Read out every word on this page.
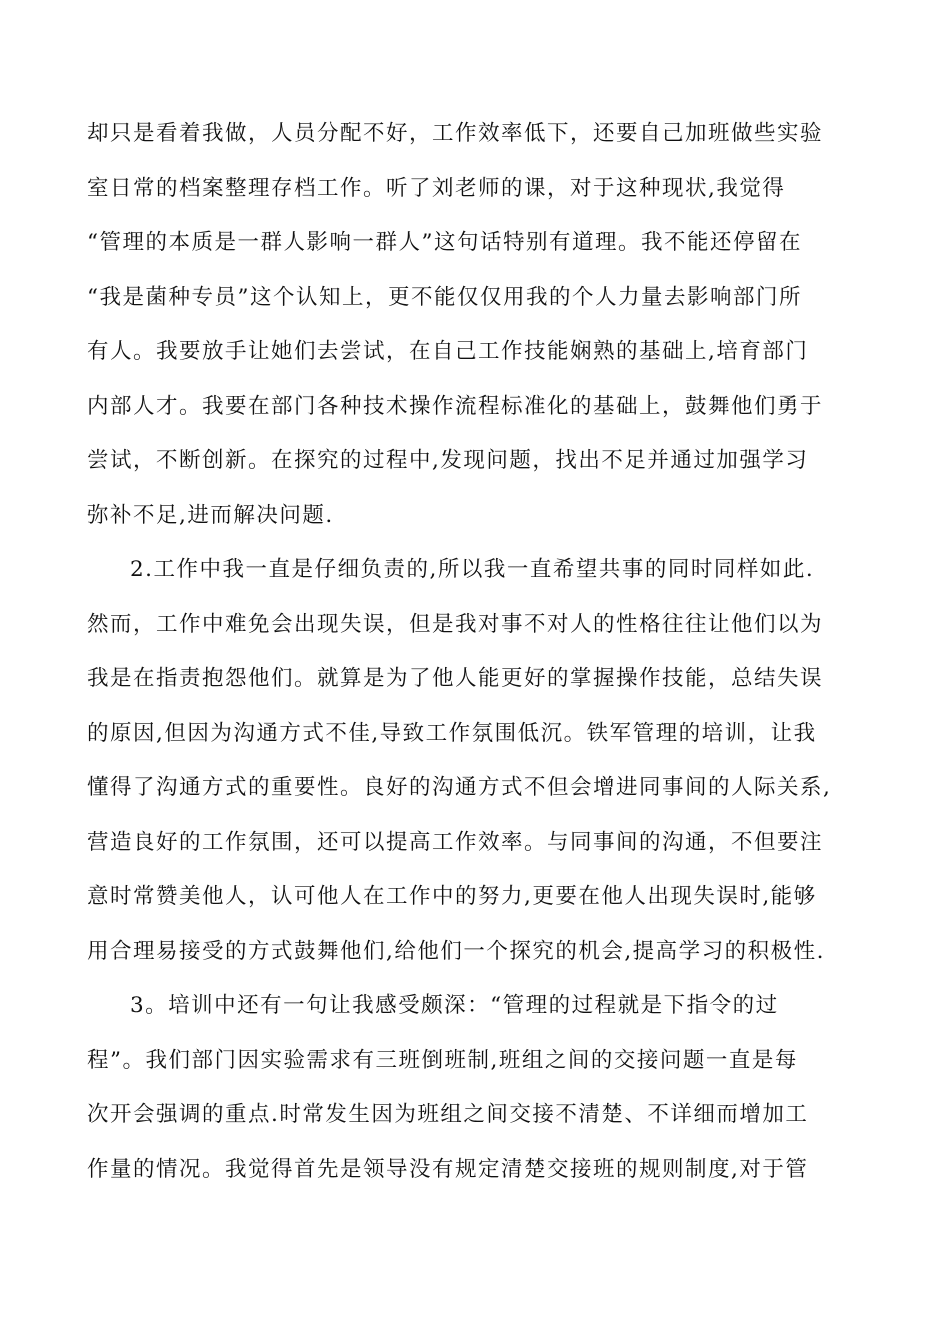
却只是看着我做，人员分配不好，工作效率低下，还要自己加班做些实验
室日常的档案整理存档工作。听了刘老师的课，对于这种现状,我觉得
“管理的本质是一群人影响一群人”这句话特别有道理。我不能还停留在
“我是菌种专员”这个认知上，更不能仅仅用我的个人力量去影响部门所
有人。我要放手让她们去尝试，在自己工作技能娴熟的基础上,培育部门
内部人才。我要在部门各种技术操作流程标准化的基础上，鼓舞他们勇于
尝试，不断创新。在探究的过程中,发现问题，找出不足并通过加强学习
弥补不足,进而解决问题.
2.工作中我一直是仔细负责的,所以我一直希望共事的同时同样如此.
然而，工作中难免会出现失误，但是我对事不对人的性格往往让他们以为
我是在指责抱怨他们。就算是为了他人能更好的掌握操作技能，总结失误
的原因,但因为沟通方式不佳,导致工作氛围低沉。铁军管理的培训，让我
懂得了沟通方式的重要性。良好的沟通方式不但会增进同事间的人际关系,
营造良好的工作氛围，还可以提高工作效率。与同事间的沟通，不但要注
意时常赞美他人，认可他人在工作中的努力,更要在他人出现失误时,能够
用合理易接受的方式鼓舞他们,给他们一个探究的机会,提高学习的积极性.
3。培训中还有一句让我感受颇深：“管理的过程就是下指令的过
程”。我们部门因实验需求有三班倒班制,班组之间的交接问题一直是每
次开会强调的重点.时常发生因为班组之间交接不清楚、不详细而增加工
作量的情况。我觉得首先是领导没有规定清楚交接班的规则制度,对于管
